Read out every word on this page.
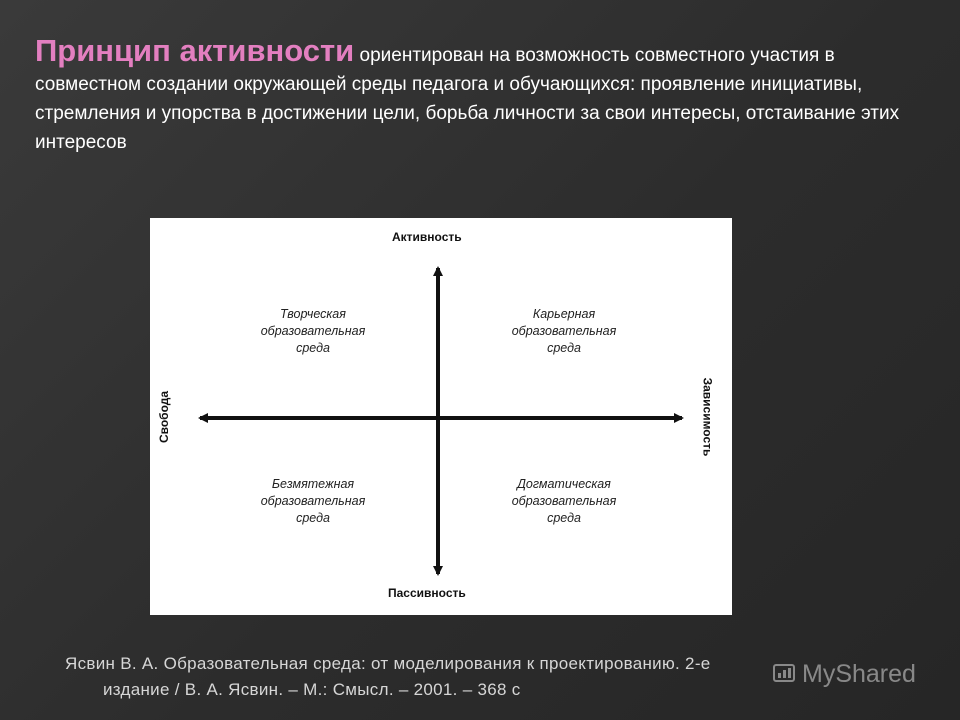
Принцип активности ориентирован на возможность совместного участия в совместном создании окружающей среды педагога и обучающихся: проявление инициативы, стремления и упорства в достижении цели, борьба личности за свои интересы, отстаивание этих интересов
Активность
Пассивность
Свобода	Зависимость
Творческая
образовательная
среда
Карьерная
образовательная
среда
Безмятежная
образовательная
среда
Догматическая
образовательная
среда
Ясвин В. А. Образовательная среда: от моделирования к проектированию. 2-е
издание / В. А. Ясвин. – М.: Смысл. – 2001. – 368 с
MyShared
